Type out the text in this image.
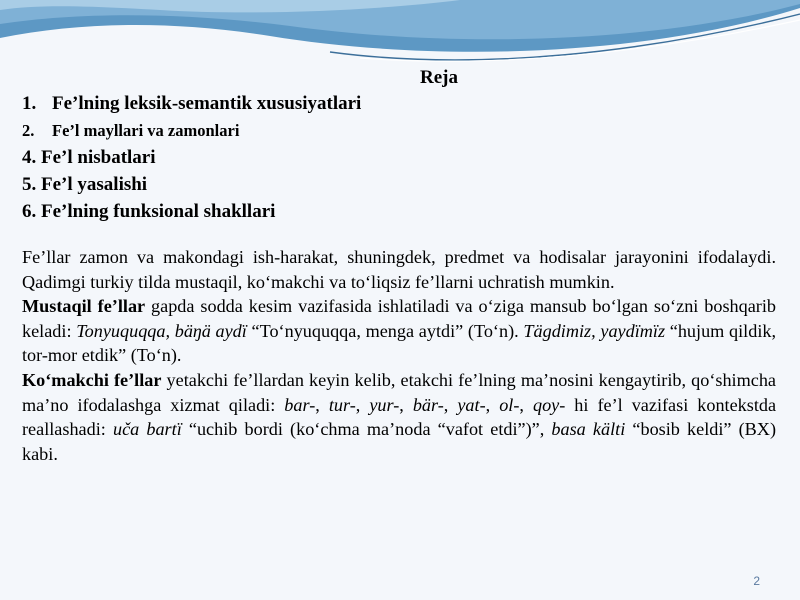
Reja
1. Fe’lning leksik-semantik xususiyatlari
2. Fe’l mayllari va zamonlari
4. Fe’l nisbatlari
5. Fe’l yasalishi
6. Fe’lning funksional shakllari

Fe’llar zamon va makondagi ish-harakat, shuningdek, predmet va hodisalar jarayonini ifodalaydi. Qadimgi turkiy tilda mustaqil, ko‘makchi va to‘liqsiz fe’llarni uchratish mumkin.

Mustaqil fe’llar gapda sodda kesim vazifasida ishlatiladi va o‘ziga mansub bo‘lgan so‘zni boshqarib keladi: Tonyuquqqa, bäŋä aydï “To‘nyuquqqa, menga aytdi” (To‘n). Tägdimiz, yaydïmïz “hujum qildik, tor-mor etdik” (To‘n).

Ko‘makchi fe’llar yetakchi fe’llardan keyin kelib, etakchi fe’lning ma’nosini kengaytirib, qo‘shimcha ma’no ifodalashga xizmat qiladi: bar-, tur-, yur-, bär-, yat-, ol-, qoy- hi fe’l vazifasi kontekstda reallashadi: uča bartï “uchib bordi (ko‘chma ma’noda “vafot etdi”)”, basa kälti “bosib keldi” (BX) kabi.

2
